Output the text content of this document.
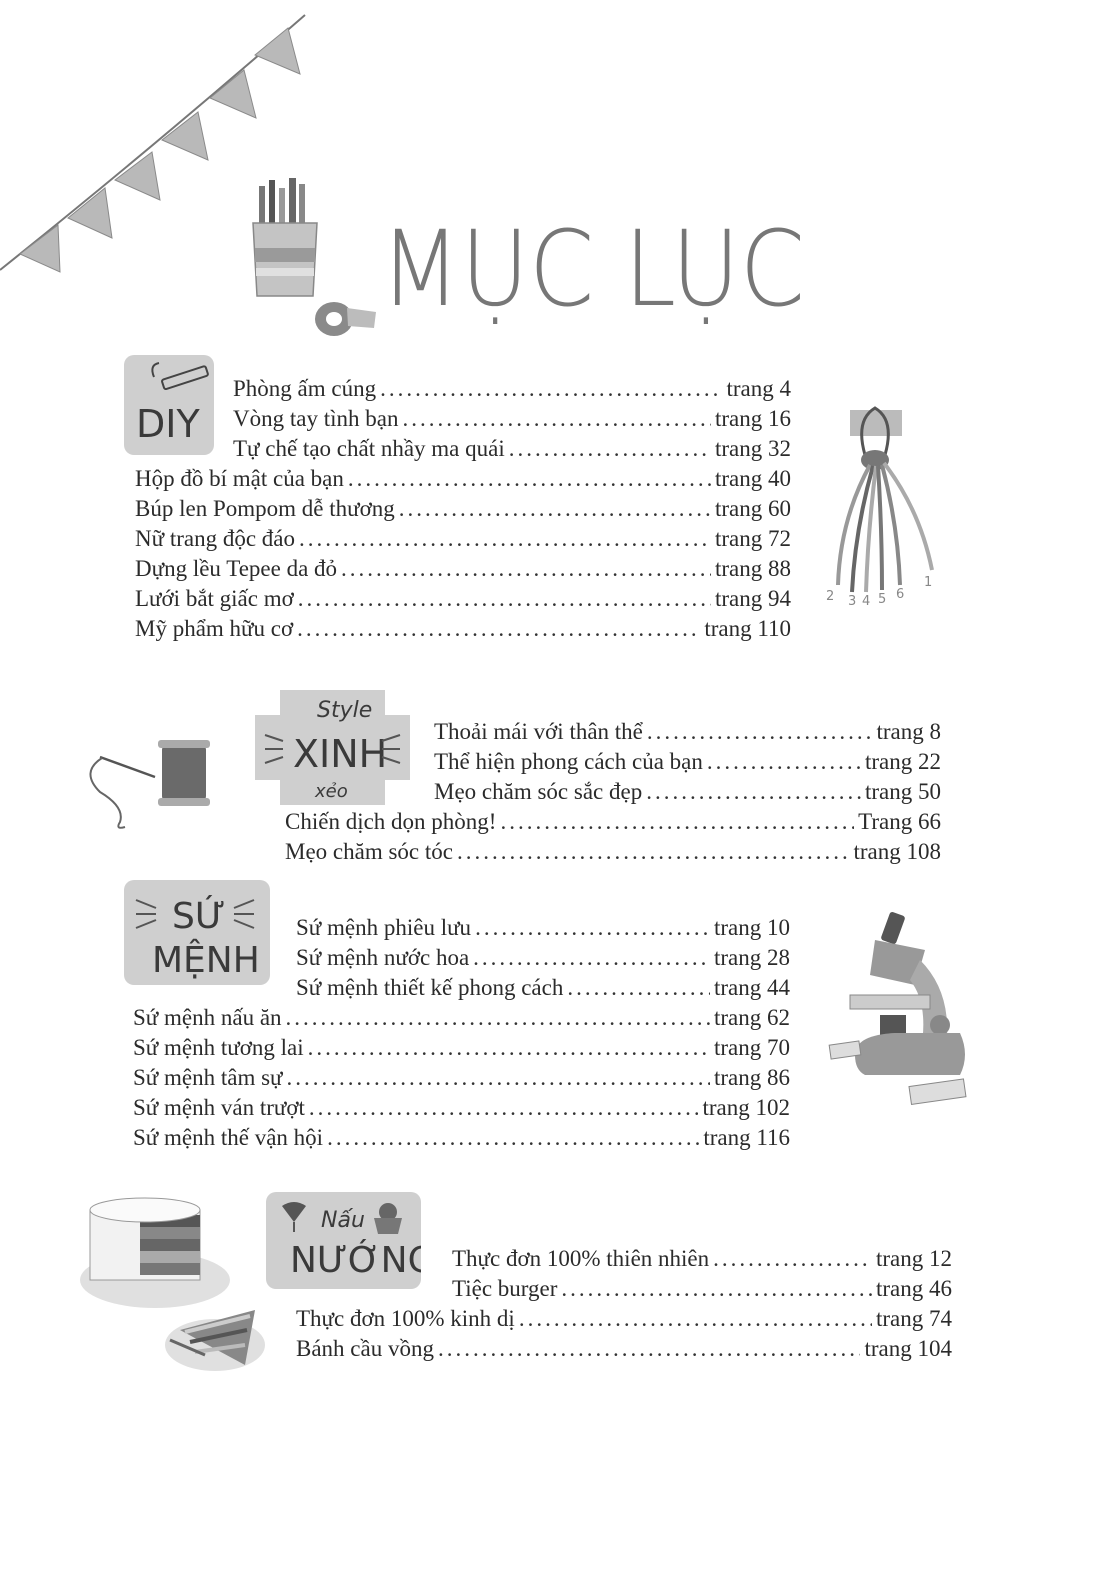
MỤC LỤC
DIY
Phòng ấm cúng .....	trang 4
Vòng tay tình bạn .....	trang 16
Tự chế tạo chất nhầy ma quái .....	trang 32
Hộp đồ bí mật của bạn .....	trang 40
Búp len Pompom dễ thương .....	trang 60
Nữ trang độc đáo .....	trang 72
Dựng lều Tepee da đỏ .....	trang 88
Lưới bắt giấc mơ .....	trang 94
Mỹ phẩm hữu cơ .....	trang 110
2 3 4 5 6
1
Style
XINH
xẻo
Thoải mái với thân thể .....	trang 8
Thể hiện phong cách của bạn .....	trang 22
Mẹo chăm sóc sắc đẹp .....	trang 50
Chiến dịch dọn phòng! .....	Trang 66
Mẹo chăm sóc tóc .....	trang 108
SỨ
MỆNH
Sứ mệnh phiêu lưu .....	trang 10
Sứ mệnh nước hoa .....	trang 28
Sứ mệnh thiết kế phong cách .....	trang 44
Sứ mệnh nấu ăn .....	trang 62
Sứ mệnh tương lai .....	trang 70
Sứ mệnh tâm sự .....	trang 86
Sứ mệnh ván trượt .....	trang 102
Sứ mệnh thế vận hội .....	trang 116
Nấu
NƯỚNG Thực đơn 100% thiên nhiên .....	trang 12
Tiệc burger .....	trang 46
Thực đơn 100% kinh dị .....	trang 74
Bánh cầu vồng .....	trang 104
